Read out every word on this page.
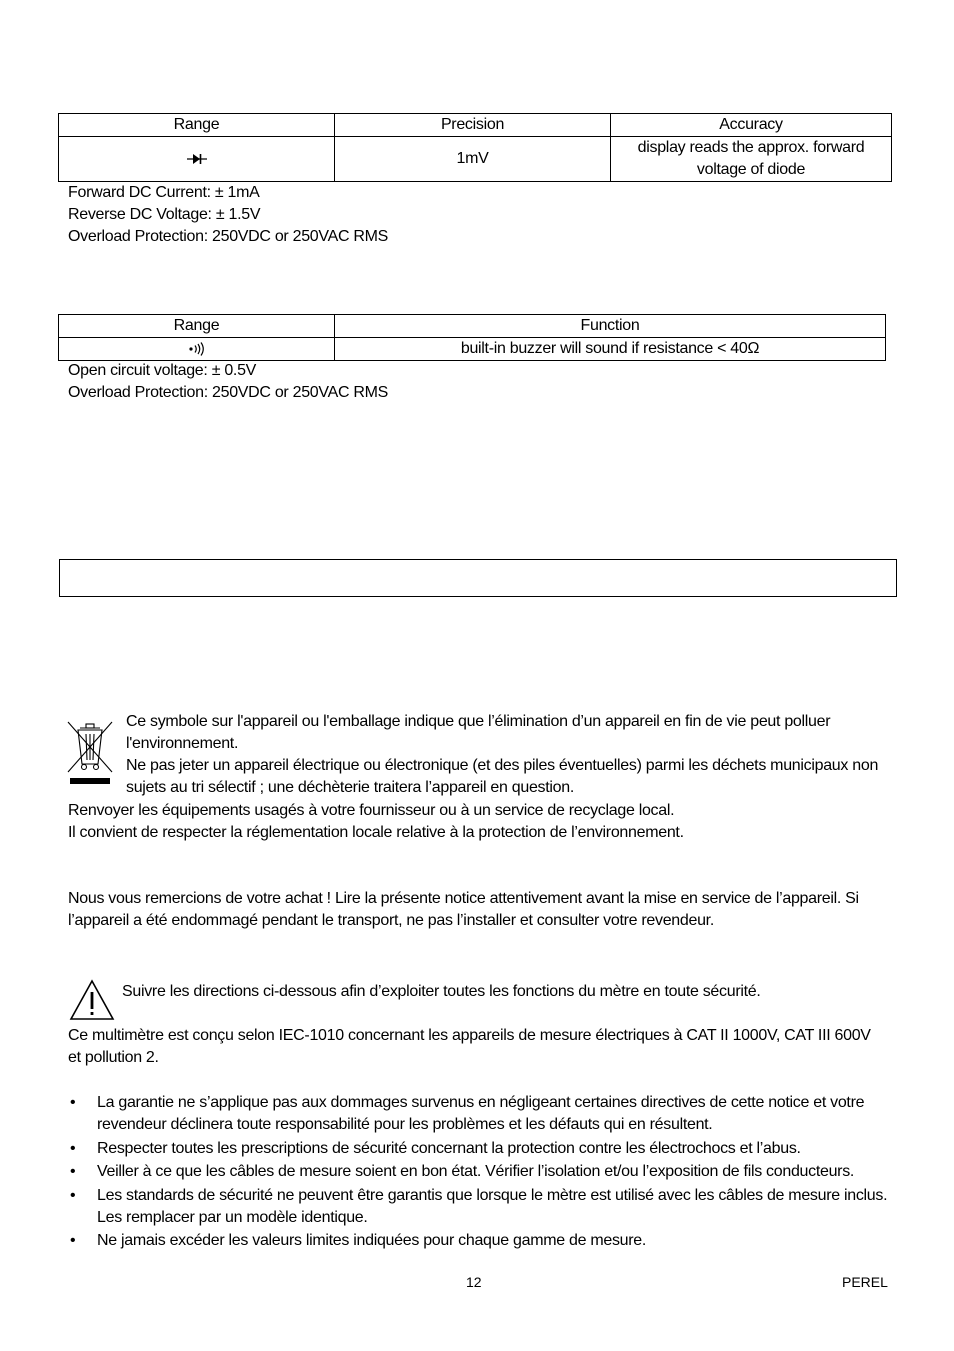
Range	Precision	Accuracy
	1mV	display reads the approx. forward voltage of diode
Forward DC Current: ± 1mA
Reverse DC Voltage: ± 1.5V
Overload Protection: 250VDC or 250VAC RMS
Range	Function
	built-in buzzer will sound if resistance < 40Ω
Open circuit voltage: ± 0.5V
Overload Protection: 250VDC or 250VAC RMS
Ce symbole sur l'appareil ou l'emballage indique que l’élimination d’un appareil en fin de vie peut polluer l'environnement.
Ne pas jeter un appareil électrique ou électronique (et des piles éventuelles) parmi les déchets municipaux non sujets au tri sélectif ; une déchèterie traitera l’appareil en question.
Renvoyer les équipements usagés à votre fournisseur ou à un service de recyclage local.
Il convient de respecter la réglementation locale relative à la protection de l’environnement.
Nous vous remercions de votre achat ! Lire la présente notice attentivement avant la mise en service de l’appareil. Si l’appareil a été endommagé pendant le transport, ne pas l’installer et consulter votre revendeur.
Suivre les directions ci-dessous afin d’exploiter toutes les fonctions du mètre en toute sécurité.
Ce multimètre est conçu selon IEC-1010 concernant les appareils de mesure électriques à CAT II 1000V, CAT III 600V et pollution 2.
• La garantie ne s’applique pas aux dommages survenus en négligeant certaines directives de cette notice et votre revendeur déclinera toute responsabilité pour les problèmes et les défauts qui en résultent.
• Respecter toutes les prescriptions de sécurité concernant la protection contre les électrochocs et l’abus.
• Veiller à ce que les câbles de mesure soient en bon état. Vérifier l’isolation et/ou l’exposition de fils conducteurs.
• Les standards de sécurité ne peuvent être garantis que lorsque le mètre est utilisé avec les câbles de mesure inclus. Les remplacer par un modèle identique.
• Ne jamais excéder les valeurs limites indiquées pour chaque gamme de mesure.
12	PEREL
